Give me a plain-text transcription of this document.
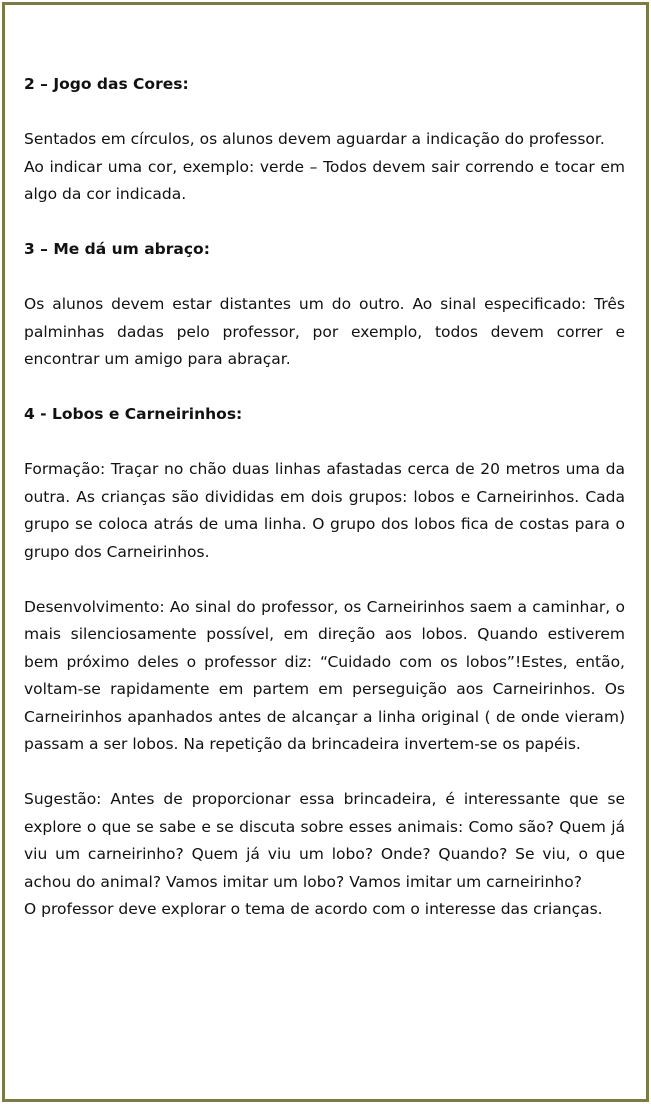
2 – Jogo das Cores:

Sentados em círculos, os alunos devem aguardar a indicação do professor.

Ao indicar uma cor, exemplo: verde – Todos devem sair correndo e tocar em algo da cor indicada.

3 – Me dá um abraço:

Os alunos devem estar distantes um do outro. Ao sinal especificado: Três palminhas dadas pelo professor, por exemplo, todos devem correr e encontrar um amigo para abraçar.

4 - Lobos e Carneirinhos:

Formação: Traçar no chão duas linhas afastadas cerca de 20 metros uma da outra. As crianças são divididas em dois grupos: lobos e Carneirinhos. Cada grupo se coloca atrás de uma linha. O grupo dos lobos fica de costas para o grupo dos Carneirinhos.

Desenvolvimento: Ao sinal do professor, os Carneirinhos saem a caminhar, o mais silenciosamente possível, em direção aos lobos. Quando estiverem bem próximo deles o professor diz: “Cuidado com os lobos”!Estes, então, voltam-se rapidamente em partem em perseguição aos Carneirinhos. Os Carneirinhos apanhados antes de alcançar a linha original ( de onde vieram) passam a ser lobos. Na repetição da brincadeira invertem-se os papéis.

Sugestão: Antes de proporcionar essa brincadeira, é interessante que se explore o que se sabe e se discuta sobre esses animais: Como são? Quem já viu um carneirinho? Quem já viu um lobo? Onde? Quando? Se viu, o que achou do animal? Vamos imitar um lobo? Vamos imitar um carneirinho?

O professor deve explorar o tema de acordo com o interesse das crianças.
